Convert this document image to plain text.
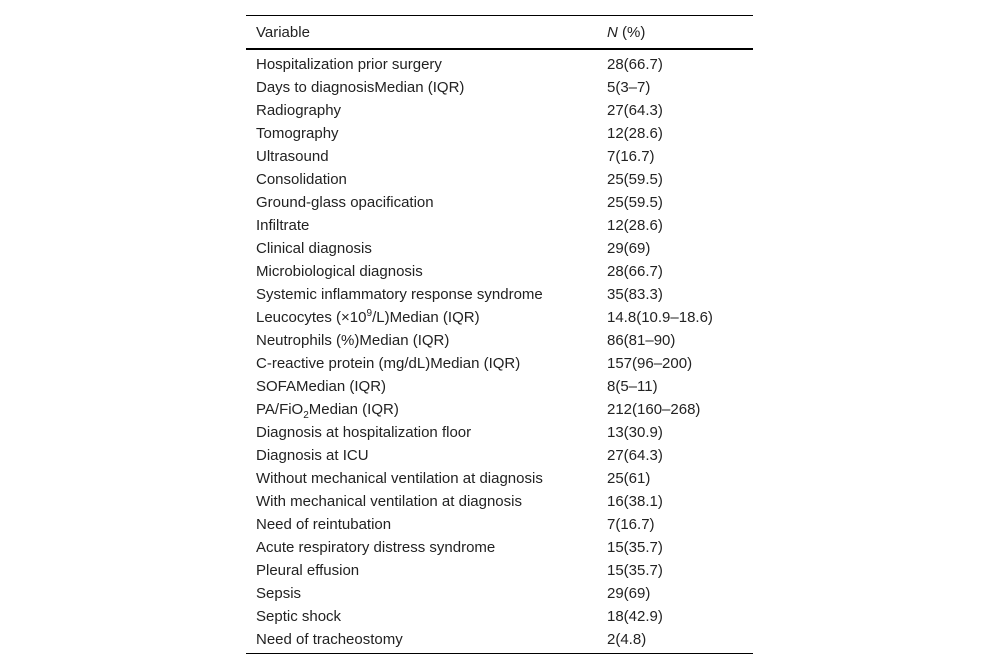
Variable	N (%)
Hospitalization prior surgery	28(66.7)
Days to diagnosisMedian (IQR)	5(3–7)
Radiography	27(64.3)
Tomography	12(28.6)
Ultrasound	7(16.7)
Consolidation	25(59.5)
Ground-glass opacification	25(59.5)
Infiltrate	12(28.6)
Clinical diagnosis	29(69)
Microbiological diagnosis	28(66.7)
Systemic inflammatory response syndrome	35(83.3)
Leucocytes $(\times 10^9/L)Median$ (IQR)	14.8(10.9–18.6)
Neutrophils (%)Median (IQR)	86(81–90)
C-reactive protein (mg/dL)Median (IQR)	157(96–200)
SOFAMedian (IQR)	8(5–11)
PA/FiO$_2$Median (IQR)	212(160–268)
Diagnosis at hospitalization floor	13(30.9)
Diagnosis at ICU	27(64.3)
Without mechanical ventilation at diagnosis	25(61)
With mechanical ventilation at diagnosis	16(38.1)
Need of reintubation	7(16.7)
Acute respiratory distress syndrome	15(35.7)
Pleural effusion	15(35.7)
Sepsis	29(69)
Septic shock	18(42.9)
Need of tracheostomy	2(4.8)
